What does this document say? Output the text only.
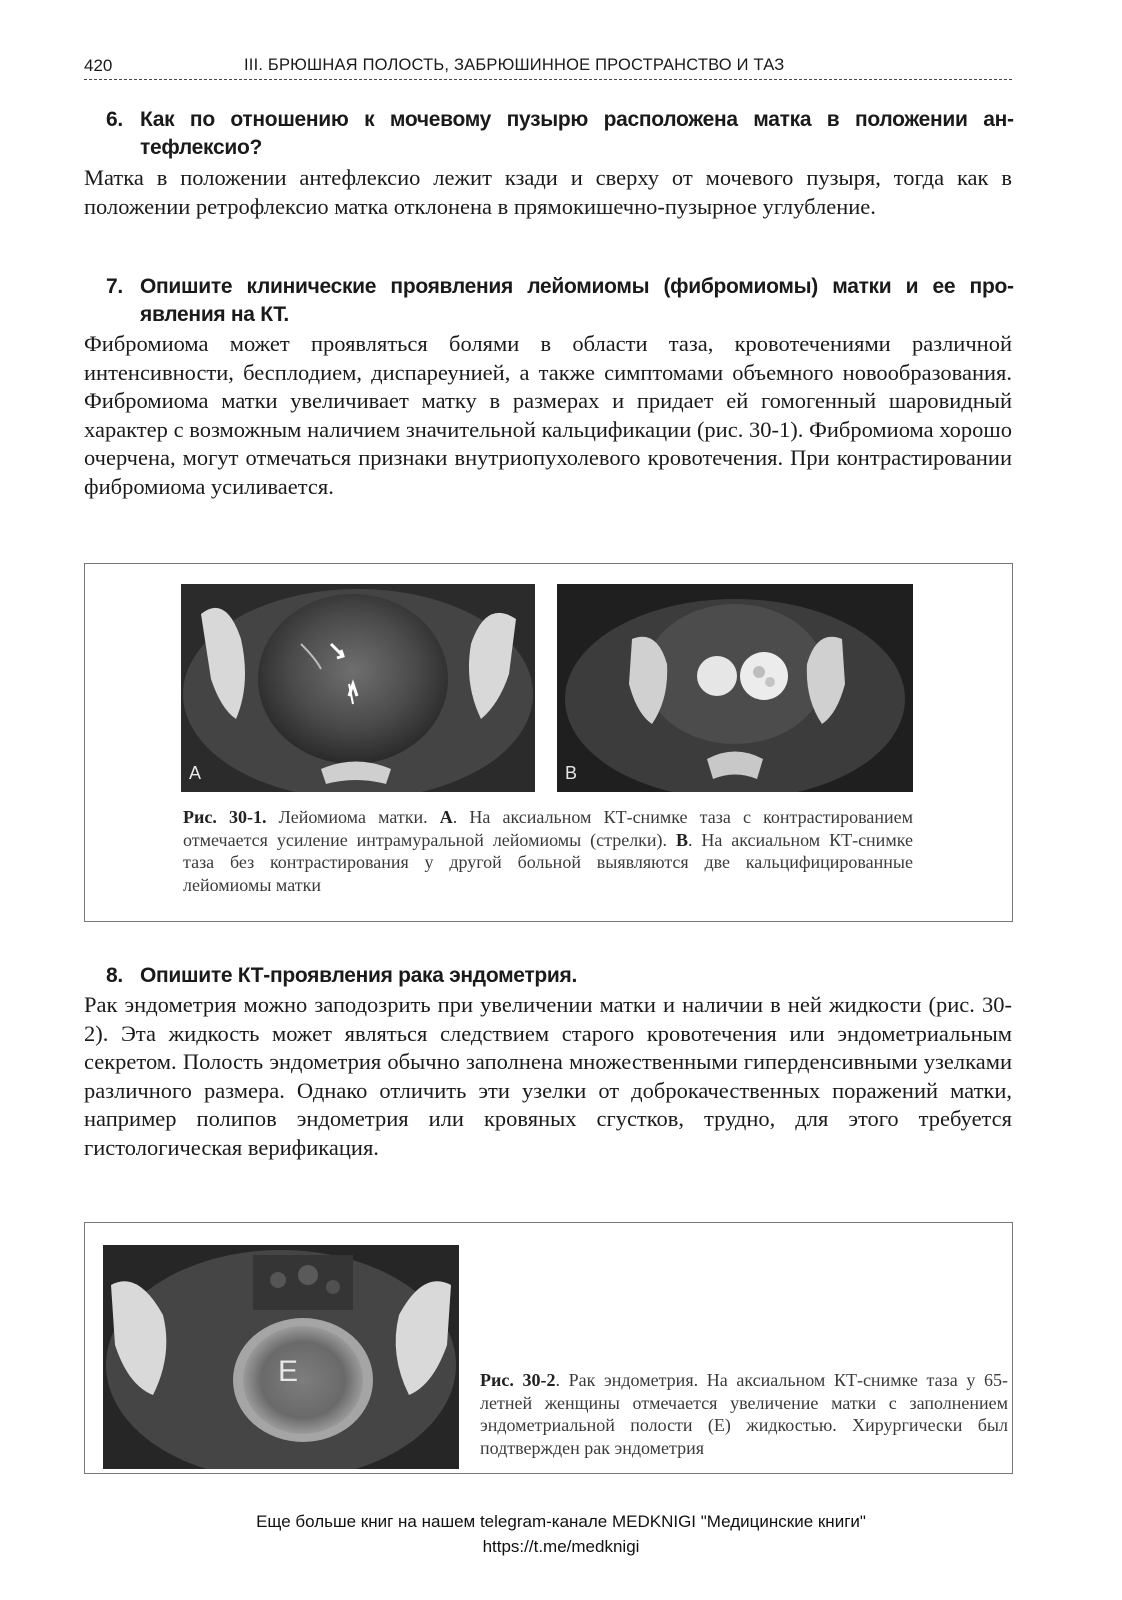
420	III. БРЮШНАЯ ПОЛОСТЬ, ЗАБРЮШИННОЕ ПРОСТРАНСТВО И ТАЗ
6. Как по отношению к мочевому пузырю расположена матка в положении антефлексио?
Матка в положении антефлексио лежит кзади и сверху от мочевого пузыря, тогда как в положении ретрофлексио матка отклонена в прямокишечно-пузырное углубление.
7. Опишите клинические проявления лейомиомы (фибромиомы) матки и ее проявления на КТ.
Фибромиома может проявляться болями в области таза, кровотечениями различной интенсивности, бесплодием, диспареунией, а также симптомами объемного новообразования. Фибромиома матки увеличивает матку в размерах и придает ей гомогенный шаровидный характер с возможным наличием значительной кальцификации (рис. 30-1). Фибромиома хорошо очерчена, могут отмечаться признаки внутриопухолевого кровотечения. При контрастировании фибромиома усиливается.
A	B
Рис. 30-1. Лейомиома матки. A. На аксиальном КТ-снимке таза с контрастированием отмечается усиление интрамуральной лейомиомы (стрелки). B. На аксиальном КТ-снимке таза без контрастирования у другой больной выявляются две кальцифицированные лейомиомы матки
8. Опишите КТ-проявления рака эндометрия.
Рак эндометрия можно заподозрить при увеличении матки и наличии в ней жидкости (рис. 30-2). Эта жидкость может являться следствием старого кровотечения или эндометриальным секретом. Полость эндометрия обычно заполнена множественными гиперденсивными узелками различного размера. Однако отличить эти узелки от доброкачественных поражений матки, например полипов эндометрия или кровяных сгустков, трудно, для этого требуется гистологическая верификация.
E	Рис. 30-2. Рак эндометрия. На аксиальном КТ-снимке таза у 65-летней женщины отмечается увеличение матки с заполнением эндометриальной полости (E) жидкостью. Хирургически был подтвержден рак эндометрия
Еще больше книг на нашем telegram-канале MEDKNIGI "Медицинские книги"
https://t.me/medknigi
